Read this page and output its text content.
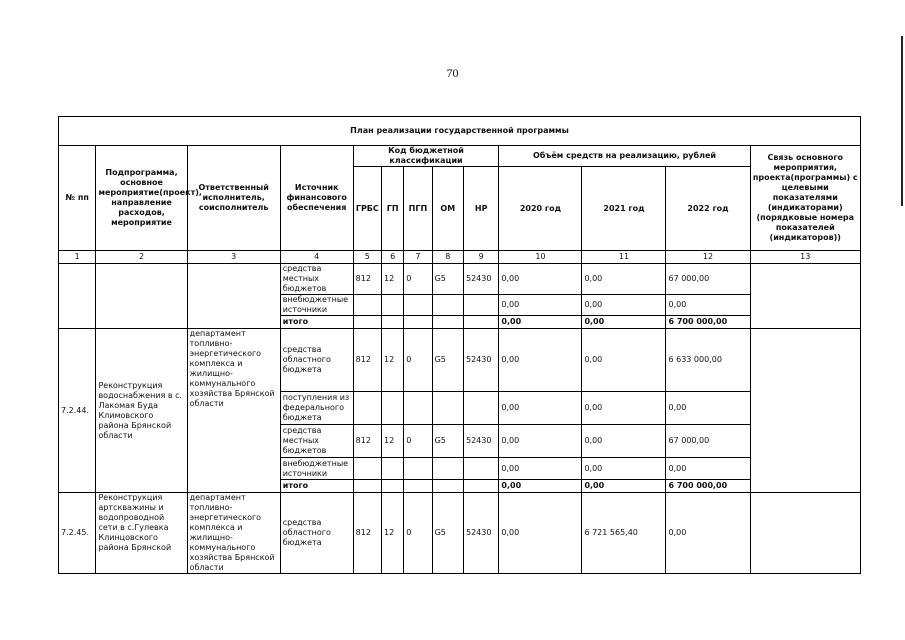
70
План реализации государственной программы												
№ пп	Подпрограмма, основное мероприятие(проект), направление расходов, мероприятие	Ответственный исполнитель, соисполнитель	Источник финансового обеспечения	Код бюджетной классификации					Объём средств на реализацию, рублей			Связь основного мероприятия, проекта(программы) с целевыми показателями (индикаторами) (порядковые номера показателей (индикаторов))
				ГРБС	ГП	ПГП	ОМ	НР	2020 год	2021 год	2022 год	
1	2	3	4	5	6	7	8	9	10	11	12	13
			средства местных бюджетов	812	12	0	G5	52430	0,00	0,00	67 000,00	
			внебюджетные источники						0,00	0,00	0,00	
			итого						0,00	0,00	6 700 000,00	
7.2.44.	Реконструкция водоснабжения в с. Лакомая Буда Климовского района Брянской области	департамент топливно-энергетического комплекса и жилищно-коммунального хозяйства Брянской области	средства областного бюджета	812	12	0	G5	52430	0,00	0,00	6 633 000,00	
			поступления из федерального бюджета						0,00	0,00	0,00	
			средства местных бюджетов	812	12	0	G5	52430	0,00	0,00	67 000,00	
			внебюджетные источники						0,00	0,00	0,00	
			итого						0,00	0,00	6 700 000,00	
7.2.45.	Реконструкция артскважины и водопроводной сети в с.Гулевка Клинцовского района Брянской	департамент топливно-энергетического комплекса и жилищно-коммунального хозяйства Брянской области	средства областного бюджета	812	12	0	G5	52430	0,00	6 721 565,40	0,00	
